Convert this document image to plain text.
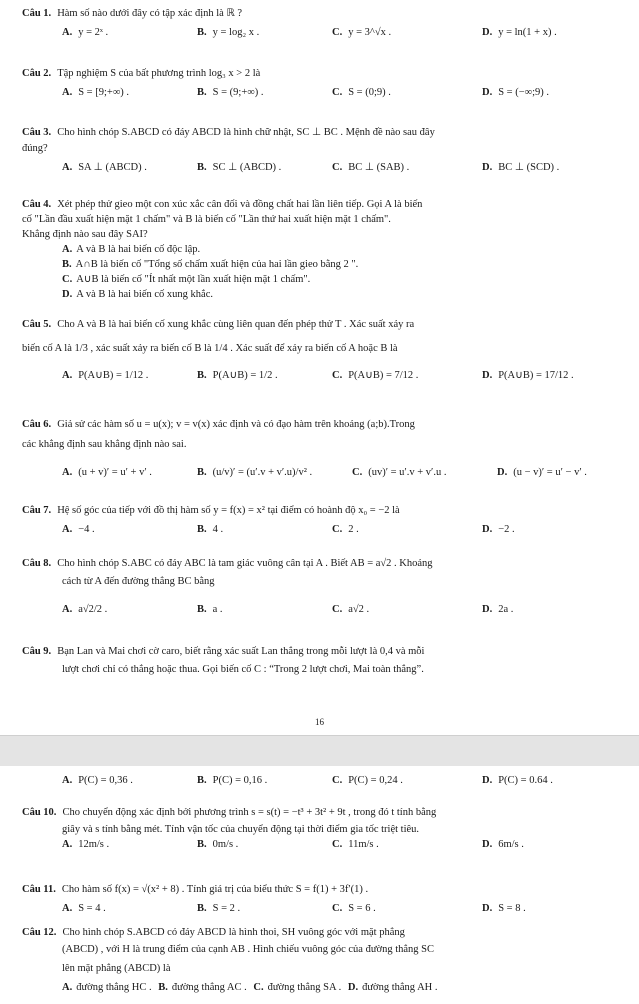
Câu 1. Hàm số nào dưới đây có tập xác định là ℝ ?

A. y = 2ˣ .	B. y = log₂ x .	C. y = 3^√x .	D. y = ln(1 + x) .

Câu 2. Tập nghiệm S của bất phương trình log₃ x > 2 là

A. S = [9;+∞) .	B. S = (9;+∞) .	C. S = (0;9) .	D. S = (−∞;9) .

Câu 3. Cho hình chóp S.ABCD có đáy ABCD là hình chữ nhật, SC ⊥ BC . Mệnh đề nào sau đây

đúng?

A. SA ⊥ (ABCD) .	B. SC ⊥ (ABCD) .	C. BC ⊥ (SAB) .	D. BC ⊥ (SCD) .

Câu 4. Xét phép thử gieo một con xúc xắc cân đối và đồng chất hai lần liên tiếp. Gọi A là biến

cố "Lần đầu xuất hiện mặt 1 chấm" và B là biến cố "Lần thứ hai xuất hiện mặt 1 chấm".

Khẳng định nào sau đây SAI?

A. A và B là hai biến cố độc lập.
B. A∩B là biến cố "Tổng số chấm xuất hiện của hai lần gieo bằng 2 ".
C. A∪B là biến cố "Ít nhất một lần xuất hiện mặt 1 chấm".
D. A và B là hai biến cố xung khắc.

Câu 5. Cho A và B là hai biến cố xung khắc cùng liên quan đến phép thử T . Xác suất xảy ra

biến cố A là 1/3 , xác suất xảy ra biến cố B là 1/4 . Xác suất để xảy ra biến cố A hoặc B là

A. P(A∪B) = 1/12 .	B. P(A∪B) = 1/2 .	C. P(A∪B) = 7/12 .	D. P(A∪B) = 17/12 .

Câu 6. Giả sử các hàm số u = u(x); v = v(x) xác định và có đạo hàm trên khoảng (a;b).Trong

các khẳng định sau khẳng định nào sai.

A. (u + v)′ = u′ + v′ .	B. (u/v)′ = (u′.v + v′.u)/v² .	C. (uv)′ = u′.v + v′.u .	D. (u − v)′ = u′ − v′ .

Câu 7. Hệ số góc của tiếp với đồ thị hàm số y = f(x) = x² tại điểm có hoành độ x₀ = −2 là

A. −4 .	B. 4 .	C. 2 .	D. −2 .

Câu 8. Cho hình chóp S.ABC có đáy ABC là tam giác vuông cân tại A . Biết AB = a√2 . Khoảng

cách từ A đến đường thẳng BC bằng

A. a√2/2 .	B. a .	C. a√2 .	D. 2a .

Câu 9. Bạn Lan và Mai chơi cờ caro, biết rằng xác suất Lan thắng trong mỗi lượt là 0,4 và mỗi

lượt chơi chỉ có thắng hoặc thua. Gọi biến cố C : “Trong 2 lượt chơi, Mai toàn thắng”.

16
A. P(C) = 0,36 .	B. P(C) = 0,16 .	C. P(C) = 0,24 .	D. P(C) = 0.64 .

Câu 10. Cho chuyển động xác định bởi phương trình s = s(t) = −t³ + 3t² + 9t , trong đó t tính bằng

giây và s tính bằng mét. Tính vận tốc của chuyển động tại thời điểm gia tốc triệt tiêu.

A. 12m/s .	B. 0m/s .	C. 11m/s .	D. 6m/s .

Câu 11. Cho hàm số f(x) = √(x² + 8) . Tính giá trị của biểu thức S = f(1) + 3f′(1) .

A. S = 4 .	B. S = 2 .	C. S = 6 .	D. S = 8 .

Câu 12. Cho hình chóp S.ABCD có đáy ABCD là hình thoi, SH vuông góc với mặt phẳng

(ABCD) , với H là trung điểm của cạnh AB . Hình chiếu vuông góc của đường thẳng SC

lên mặt phẳng (ABCD) là

A. đường thẳng HC . B. đường thẳng AC . C. đường thẳng SA . D. đường thẳng AH .
